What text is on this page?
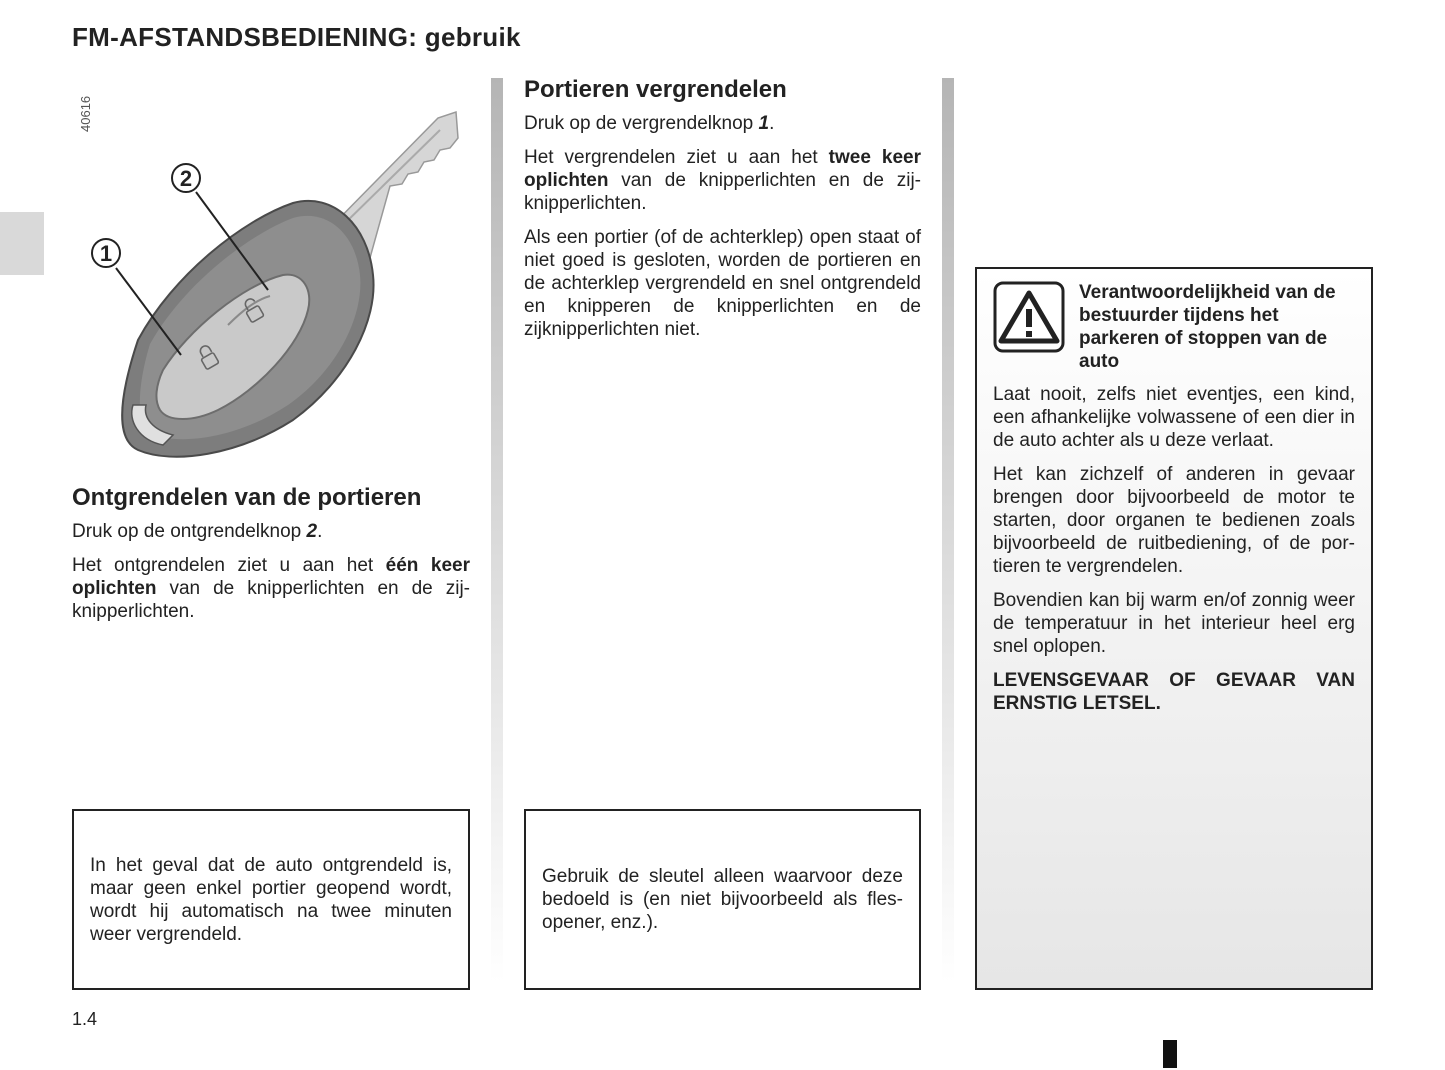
FM-AFSTANDSBEDIENING: gebruik
40616
1
2
Ontgrendelen van de portieren

Druk op de ontgrendelknop 2.

Het ontgrendelen ziet u aan het één keer oplichten van de knipperlichten en de zijknipperlichten.

In het geval dat de auto ontgrendeld is, maar geen enkel portier geopend wordt, wordt hij automatisch na twee minuten weer vergrendeld.

Portieren vergrendelen

Druk op de vergrendelknop 1.

Het vergrendelen ziet u aan het twee keer oplichten van de knipperlichten en de zijknipperlichten.

Als een portier (of de achterklep) open staat of niet goed is gesloten, worden de portieren en de achterklep vergrendeld en snel ontgrendeld en knipperen de knipperlichten en de zijknipperlichten niet.

Gebruik de sleutel alleen waarvoor deze bedoeld is (en niet bijvoorbeeld als flesopener, enz.).

Verantwoordelijkheid van de bestuurder tijdens het parkeren of stoppen van de auto

Laat nooit, zelfs niet eventjes, een kind, een afhankelijke volwassene of een dier in de auto achter als u deze verlaat.

Het kan zichzelf of anderen in gevaar brengen door bijvoorbeeld de motor te starten, door organen te bedienen zoals bijvoorbeeld de ruitbediening, of de portieren te vergrendelen.

Bovendien kan bij warm en/of zonnig weer de temperatuur in het interieur heel erg snel oplopen.

LEVENSGEVAAR OF GEVAAR VAN ERNSTIG LETSEL.

1.4
